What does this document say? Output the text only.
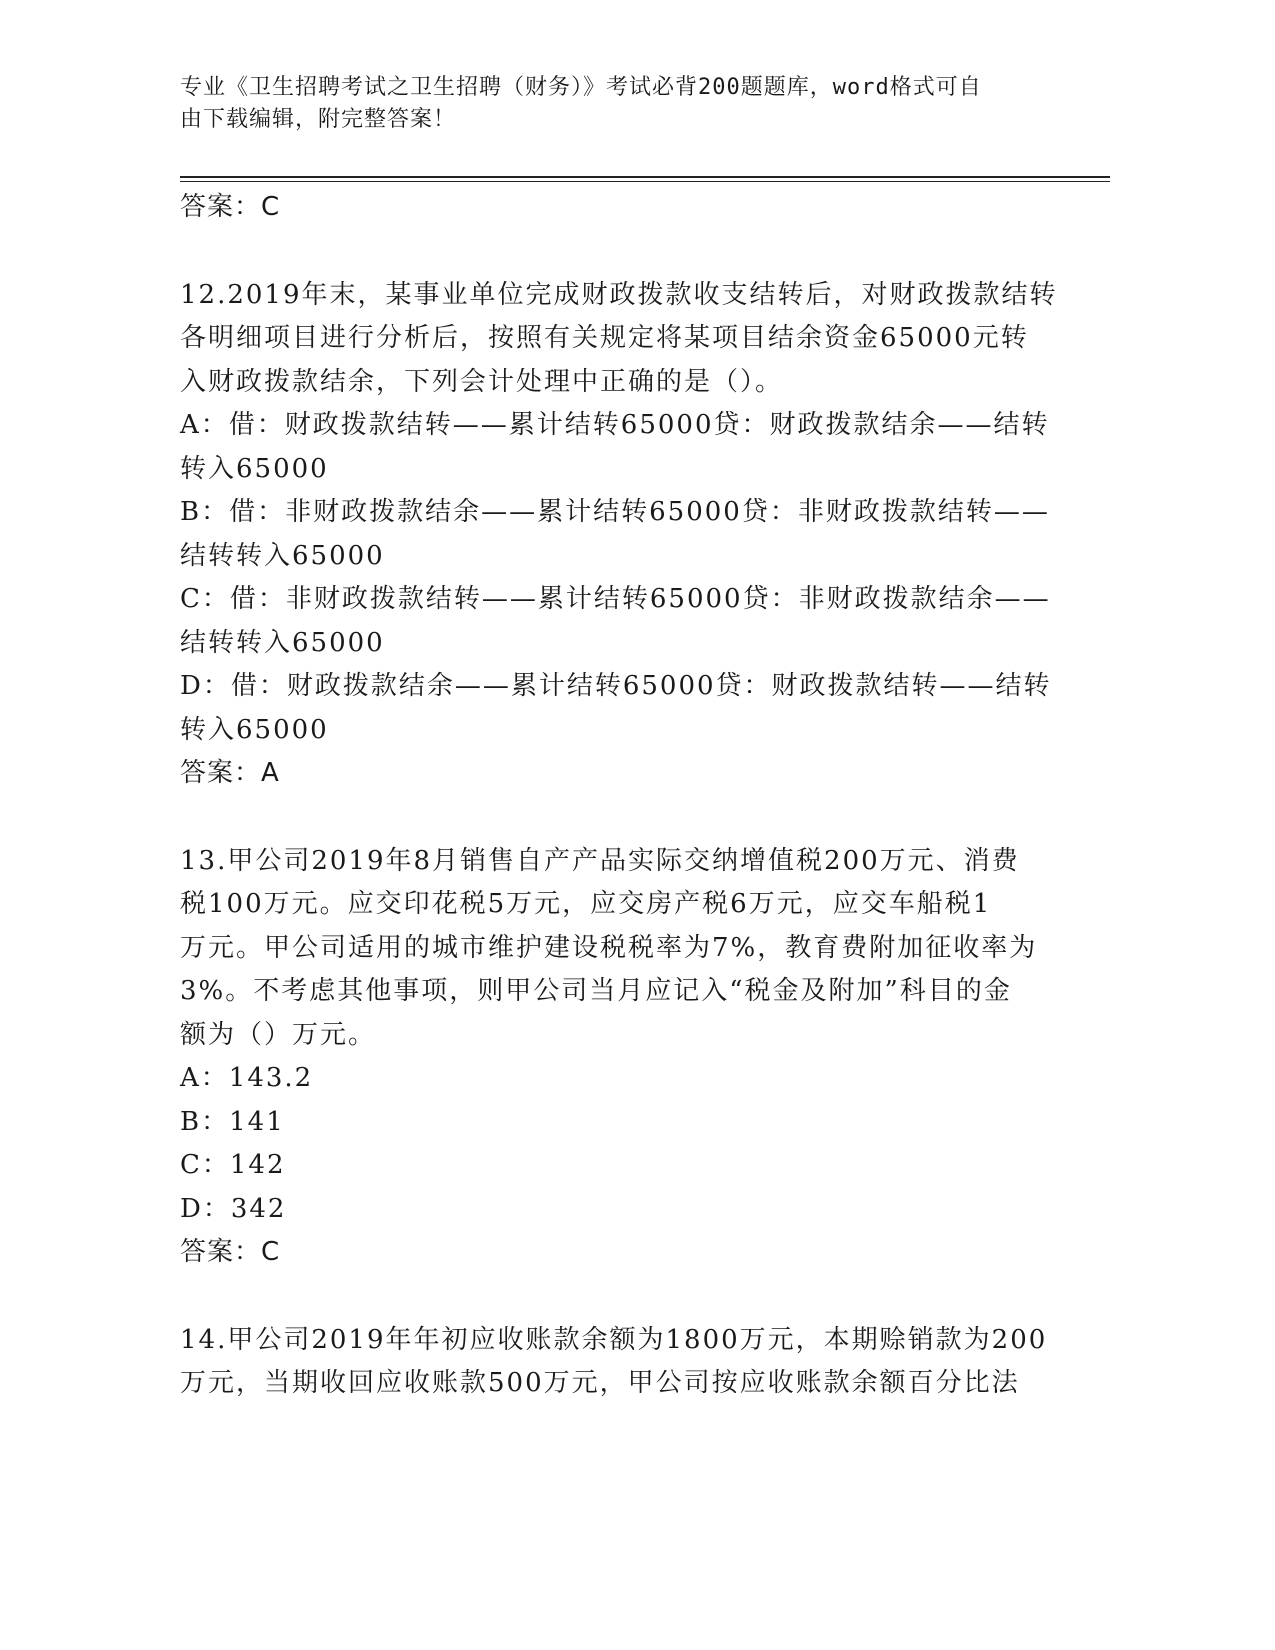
专业《卫生招聘考试之卫生招聘（财务）》考试必背200题题库，word格式可自
由下载编辑，附完整答案！
答案：C
12.2019年末，某事业单位完成财政拨款收支结转后，对财政拨款结转
各明细项目进行分析后，按照有关规定将某项目结余资金65000元转
入财政拨款结余，下列会计处理中正确的是（）。
A：借：财政拨款结转——累计结转65000贷：财政拨款结余——结转
转入65000
B：借：非财政拨款结余——累计结转65000贷：非财政拨款结转——
结转转入65000
C：借：非财政拨款结转——累计结转65000贷：非财政拨款结余——
结转转入65000
D：借：财政拨款结余——累计结转65000贷：财政拨款结转——结转
转入65000
答案：A
13.甲公司2019年8月销售自产产品实际交纳增值税200万元、消费
税100万元。应交印花税5万元，应交房产税6万元，应交车船税1
万元。甲公司适用的城市维护建设税税率为7%，教育费附加征收率为
3%。不考虑其他事项，则甲公司当月应记入“税金及附加”科目的金
额为（）万元。
A：143.2
B：141
C：142
D：342
答案：C
14.甲公司2019年年初应收账款余额为1800万元，本期赊销款为200
万元，当期收回应收账款500万元，甲公司按应收账款余额百分比法
